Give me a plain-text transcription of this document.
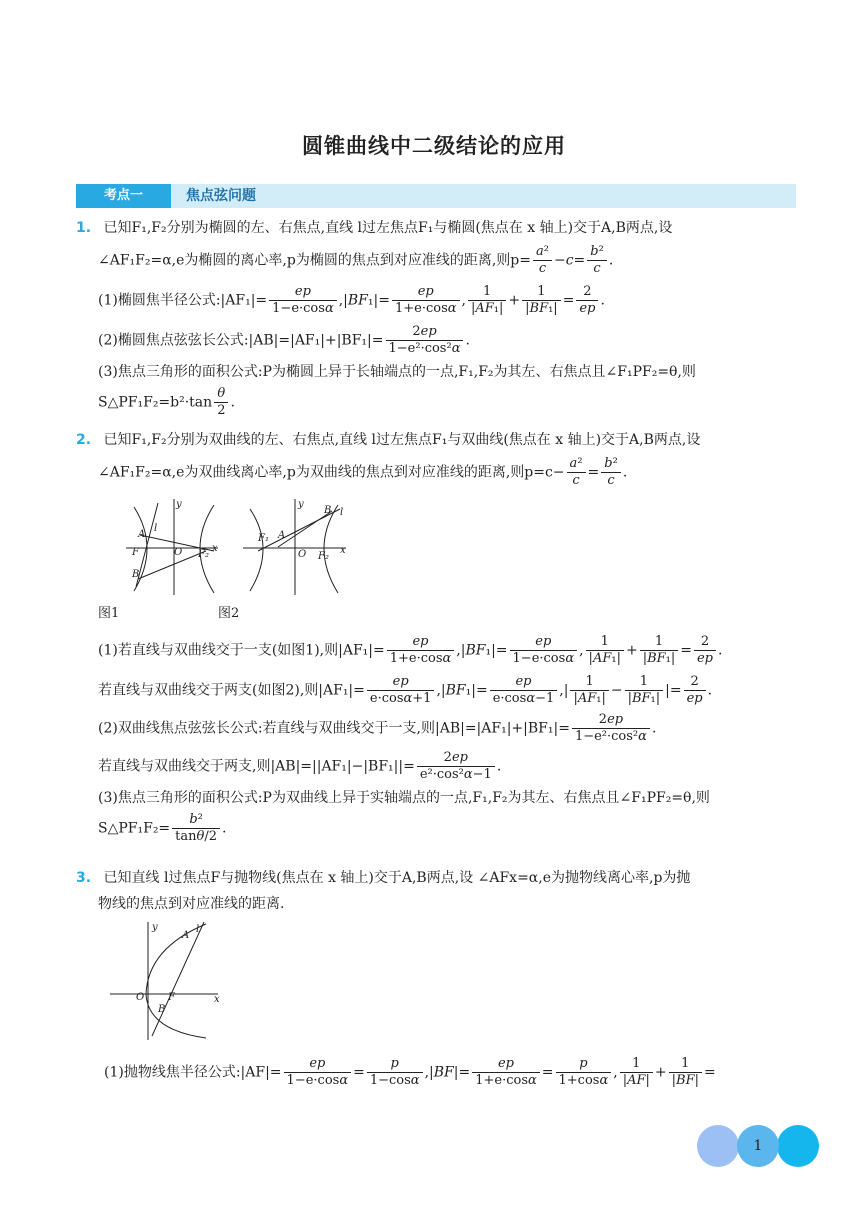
圆锥曲线中二级结论的应用
考点一	焦点弦问题
1. 已知F₁,F₂分别为椭圆的左、右焦点,直线 l过左焦点F₁与椭圆(焦点在 x 轴上)交于A,B两点,设
∠AF₁F₂=α,e为椭圆的离心率,p为椭圆的焦点到对应准线的距离,则$p= \frac{\text{a²}}{c} -c= \frac{\text{b²}}{c}$ .
(1)椭圆焦半径公式:|AF₁|= $\frac{ep}{1-e\cdot\cos\alpha} ,|BF_1|= \frac{ep}{1+e\cdot\cos\alpha}$ , $\frac{1}{\text{|AF₁|}} + \frac{1}{\text{|BF₁|}} = \frac{2}{ep}$ .
(2)椭圆焦点弦弦长公式:|AB|=|AF₁|+|BF₁|= $\frac{2ep}{\text{1−e²·cos²α}}$ .
(3)焦点三角形的面积公式:P为椭圆上异于长轴端点的一点,F₁,F₂为其左、右焦点且∠F₁PF₂=θ,则
S△PF₁F₂=b²·tan $\frac{\theta}{2}$ .
2. 已知F₁,F₂分别为双曲线的左、右焦点,直线 l过左焦点F₁与双曲线(焦点在 x 轴上)交于A,B两点,设
∠AF₁F₂=α,e为双曲线离心率,p为双曲线的焦点到对应准线的距离,则$p=c- \frac{\text{a²}}{c} = \frac{\text{b²}}{c}$ .
A
l
F	O F₂
x
y
B
F₁ A
O F₂
x
y
B l
图1	图2
(1)若直线与双曲线交于一支(如图1),则$|AF_1|= \frac{ep}{1+e\cdot\cos\alpha} ,|BF_1|= \frac{ep}{1-e\cdot\cos\alpha}$ , $\frac{1}{\text{|AF₁|}} + \frac{1}{\text{|BF₁|}} = \frac{2}{ep}$ .
若直线与双曲线交于两支(如图2),则$|AF_1|= \frac{ep}{e\cdot\cos\alpha+1} ,|BF_1|= \frac{ep}{e\cdot\cos\alpha-1}$ ,| $\frac{1}{\text{|AF₁|}} - \frac{1}{\text{|BF₁|}}$ |= $\frac{2}{ep}$ .
(2)双曲线焦点弦弦长公式:若直线与双曲线交于一支,则$|AB|=|AF_1|+|BF_1|= \frac{2ep}{\text{1−e²·cos²α}}$ .
若直线与双曲线交于两支,则$|AB|=||AF_1|-|BF_1||= \frac{2ep}{\text{e²·cos²α−1}}$ .
(3)焦点三角形的面积公式:P为双曲线上异于实轴端点的一点,F₁,F₂为其左、右焦点且∠F₁PF₂=θ,则
S△PF₁F₂= $\frac{\text{b²}}{\tan\theta/2}$ .
3. 已知直线 l过焦点F与抛物线(焦点在 x 轴上)交于A,B两点,设 ∠AFx=α,e为抛物线离心率,p为抛
物线的焦点到对应准线的距离.
y
O F	x
A
l
B
(1)抛物线焦半径公式:|AF|= $\frac{ep}{1-e\cdot\cos\alpha} = \frac{p}{1-\cos\alpha} ,|BF|= \frac{ep}{1+e\cdot\cos\alpha} = \frac{p}{1+\cos\alpha}$ , $\frac{1}{|AF|} + \frac{1}{|BF|}$ =
1
